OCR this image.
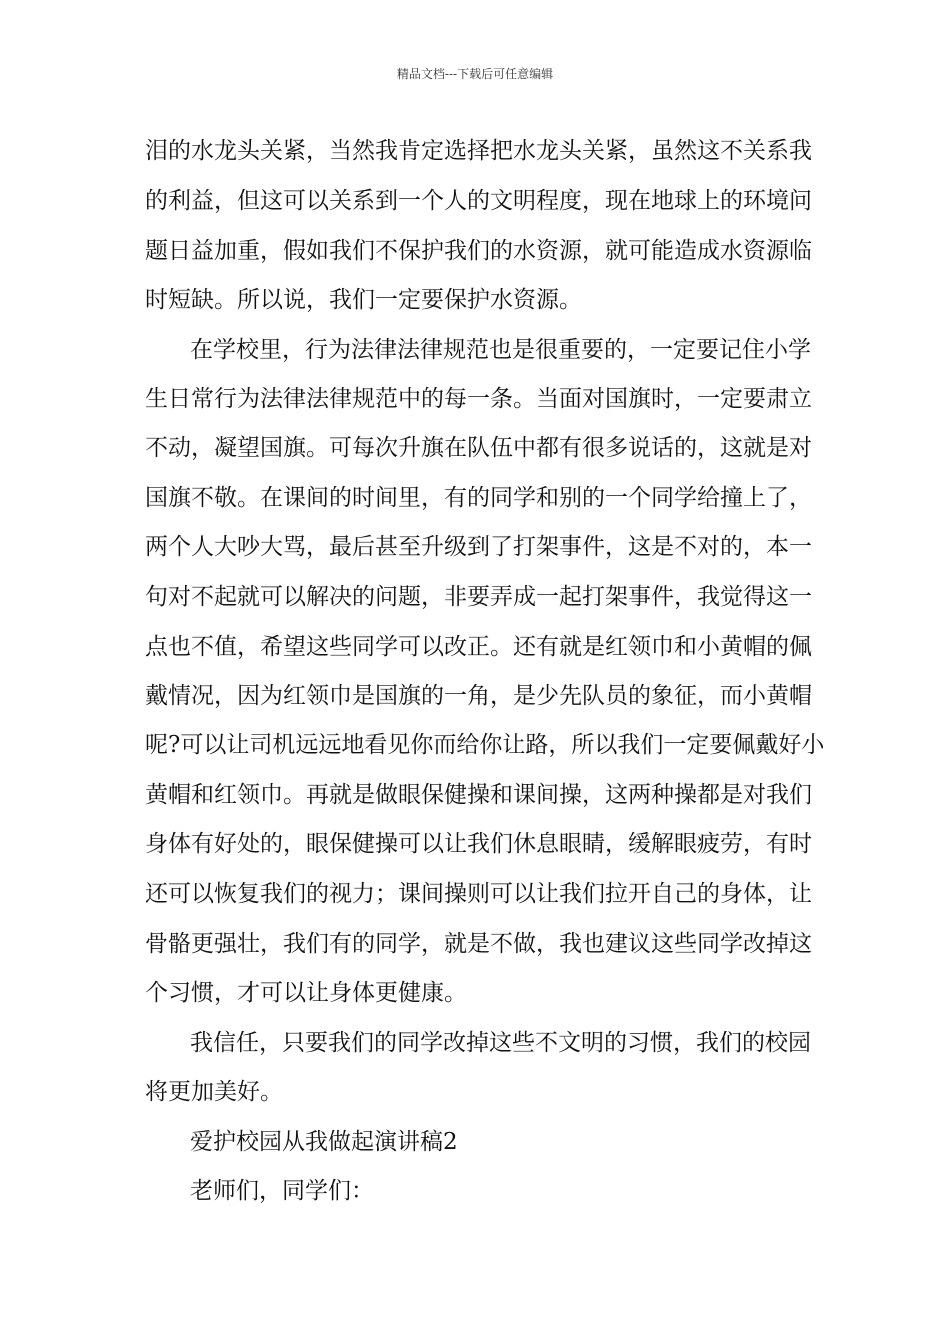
精品文档---下载后可任意编辑
泪的水龙头关紧，当然我肯定选择把水龙头关紧，虽然这不关系我
的利益，但这可以关系到一个人的文明程度，现在地球上的环境问
题日益加重，假如我们不保护我们的水资源，就可能造成水资源临
时短缺。所以说，我们一定要保护水资源。
在学校里，行为法律法律规范也是很重要的，一定要记住小学
生日常行为法律法律规范中的每一条。当面对国旗时，一定要肃立
不动，凝望国旗。可每次升旗在队伍中都有很多说话的，这就是对
国旗不敬。在课间的时间里，有的同学和别的一个同学给撞上了，
两个人大吵大骂，最后甚至升级到了打架事件，这是不对的，本一
句对不起就可以解决的问题，非要弄成一起打架事件，我觉得这一
点也不值，希望这些同学可以改正。还有就是红领巾和小黄帽的佩
戴情况，因为红领巾是国旗的一角，是少先队员的象征，而小黄帽
呢?可以让司机远远地看见你而给你让路，所以我们一定要佩戴好小
黄帽和红领巾。再就是做眼保健操和课间操，这两种操都是对我们
身体有好处的，眼保健操可以让我们休息眼睛，缓解眼疲劳，有时
还可以恢复我们的视力；课间操则可以让我们拉开自己的身体，让
骨骼更强壮，我们有的同学，就是不做，我也建议这些同学改掉这
个习惯，才可以让身体更健康。
我信任，只要我们的同学改掉这些不文明的习惯，我们的校园
将更加美好。
爱护校园从我做起演讲稿2
老师们，同学们：
